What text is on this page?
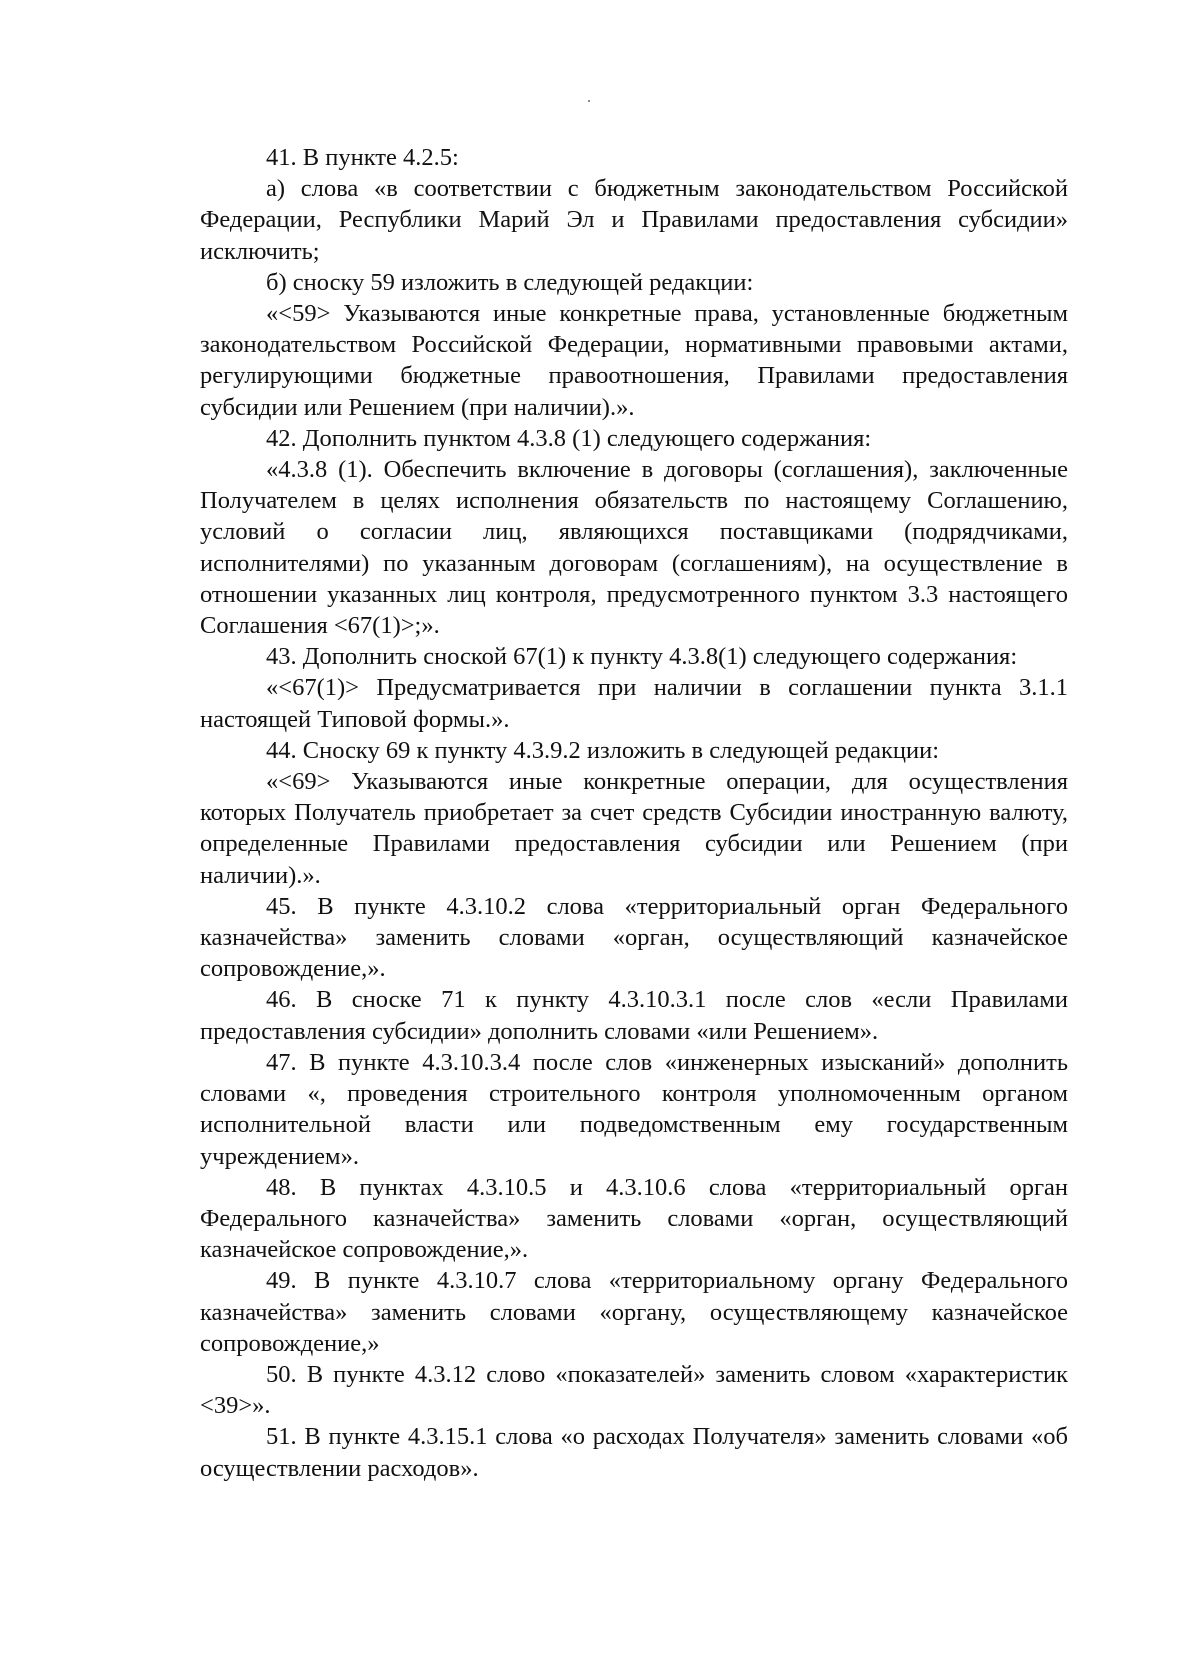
41. В пункте 4.2.5:

а) слова «в соответствии с бюджетным законодательством Российской Федерации, Республики Марий Эл и Правилами предоставления субсидии» исключить;

б) сноску 59 изложить в следующей редакции:

«<59> Указываются иные конкретные права, установленные бюджетным законодательством Российской Федерации, нормативными правовыми актами, регулирующими бюджетные правоотношения, Правилами предоставления субсидии или Решением (при наличии).».

42. Дополнить пунктом 4.3.8 (1) следующего содержания:

«4.3.8 (1). Обеспечить включение в договоры (соглашения), заключенные Получателем в целях исполнения обязательств по настоящему Соглашению, условий о согласии лиц, являющихся поставщиками (подрядчиками, исполнителями) по указанным договорам (соглашениям), на осуществление в отношении указанных лиц контроля, предусмотренного пунктом 3.3 настоящего Соглашения <67(1)>;».

43. Дополнить сноской 67(1) к пункту 4.3.8(1) следующего содержания:

«<67(1)> Предусматривается при наличии в соглашении пункта 3.1.1 настоящей Типовой формы.».

44. Сноску 69 к пункту 4.3.9.2 изложить в следующей редакции:

«<69> Указываются иные конкретные операции, для осуществления которых Получатель приобретает за счет средств Субсидии иностранную валюту, определенные Правилами предоставления субсидии или Решением (при наличии).».

45. В пункте 4.3.10.2 слова «территориальный орган Федерального казначейства» заменить словами «орган, осуществляющий казначейское сопровождение,».

46. В сноске 71 к пункту 4.3.10.3.1 после слов «если Правилами предоставления субсидии» дополнить словами «или Решением».

47. В пункте 4.3.10.3.4 после слов «инженерных изысканий» дополнить словами «, проведения строительного контроля уполномоченным органом исполнительной власти или подведомственным ему государственным учреждением».

48. В пунктах 4.3.10.5 и 4.3.10.6 слова «территориальный орган Федерального казначейства» заменить словами «орган, осуществляющий казначейское сопровождение,».

49. В пункте 4.3.10.7 слова «территориальному органу Федерального казначейства» заменить словами «органу, осуществляющему казначейское сопровождение,»

50. В пункте 4.3.12 слово «показателей» заменить словом «характеристик <39>».

51. В пункте 4.3.15.1 слова «о расходах Получателя» заменить словами «об осуществлении расходов».
